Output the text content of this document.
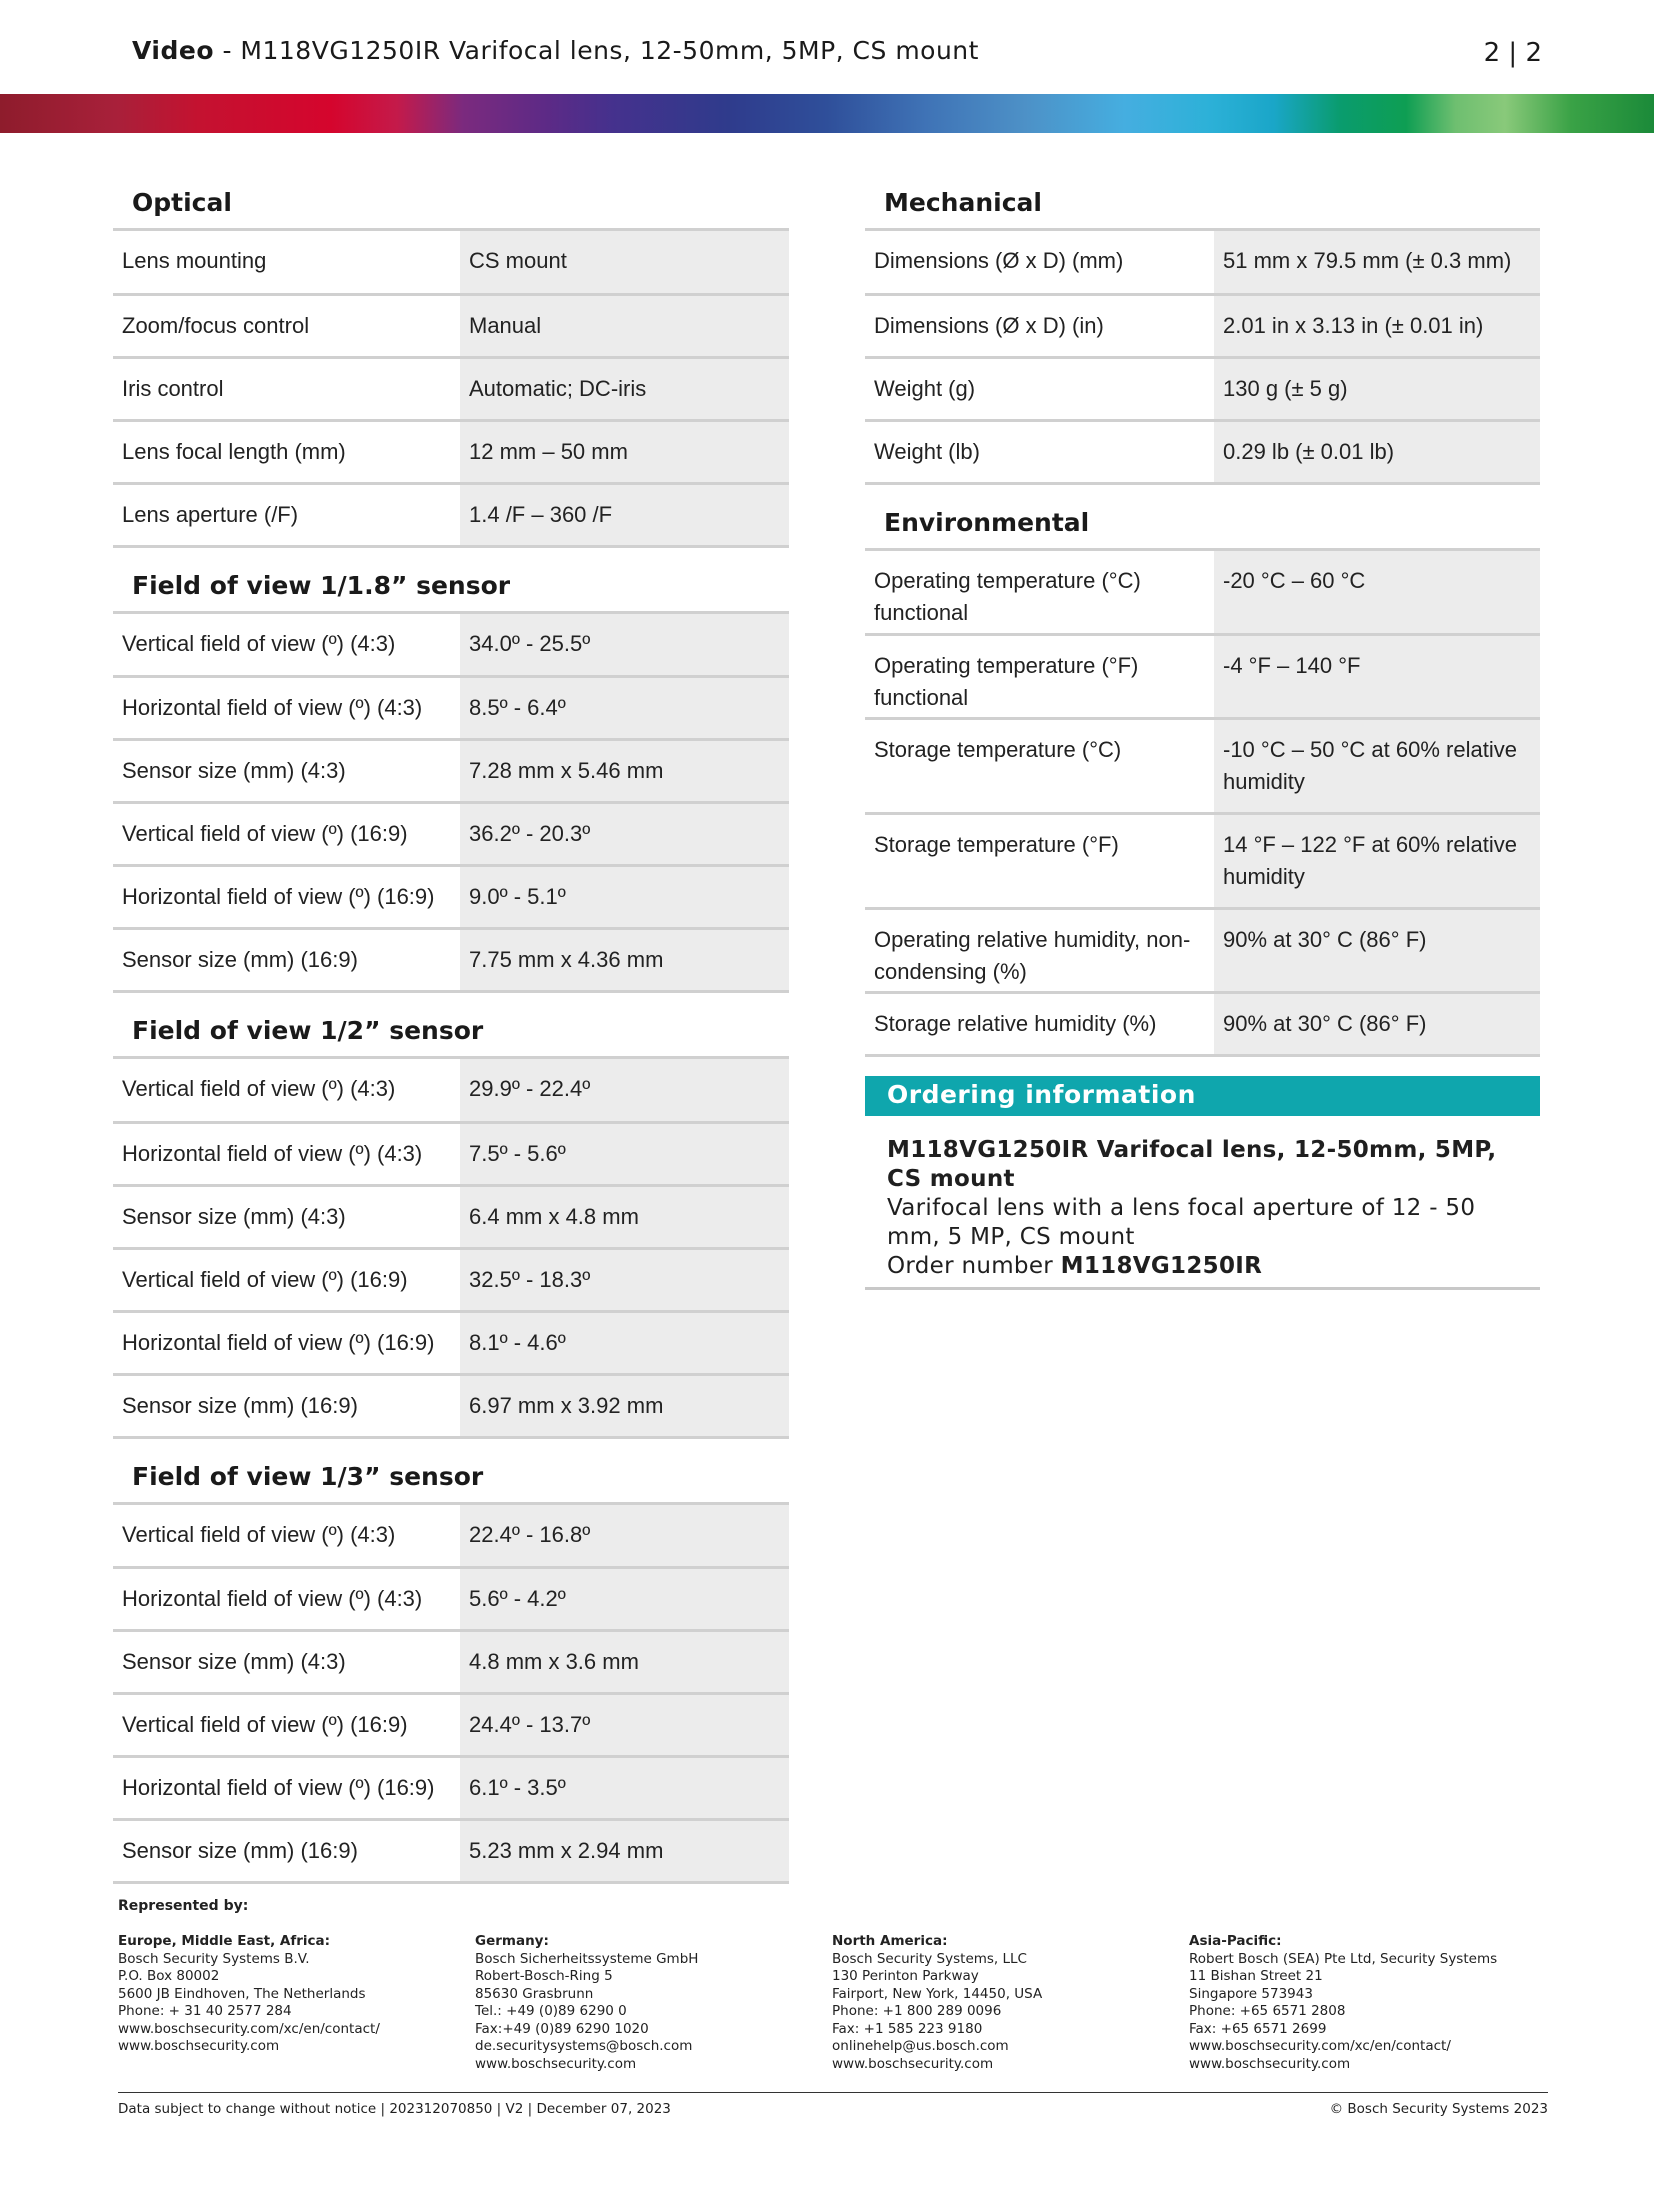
Video - M118VG1250IR Varifocal lens, 12-50mm, 5MP, CS mount	2 | 2
Optical
Lens mounting	CS mount
Zoom/focus control	Manual
Iris control	Automatic; DC-iris
Lens focal length (mm)	12 mm – 50 mm
Lens aperture (/F)	1.4 /F – 360 /F
Field of view 1/1.8” sensor
Vertical field of view (º) (4:3)	34.0º - 25.5º
Horizontal field of view (º) (4:3)	8.5º - 6.4º
Sensor size (mm) (4:3)	7.28 mm x 5.46 mm
Vertical field of view (º) (16:9)	36.2º - 20.3º
Horizontal field of view (º) (16:9)	9.0º - 5.1º
Sensor size (mm) (16:9)	7.75 mm x 4.36 mm
Field of view 1/2” sensor
Vertical field of view (º) (4:3)	29.9º - 22.4º
Horizontal field of view (º) (4:3)	7.5º - 5.6º
Sensor size (mm) (4:3)	6.4 mm x 4.8 mm
Vertical field of view (º) (16:9)	32.5º - 18.3º
Horizontal field of view (º) (16:9)	8.1º - 4.6º
Sensor size (mm) (16:9)	6.97 mm x 3.92 mm
Field of view 1/3” sensor
Vertical field of view (º) (4:3)	22.4º - 16.8º
Horizontal field of view (º) (4:3)	5.6º - 4.2º
Sensor size (mm) (4:3)	4.8 mm x 3.6 mm
Vertical field of view (º) (16:9)	24.4º - 13.7º
Horizontal field of view (º) (16:9)	6.1º - 3.5º
Sensor size (mm) (16:9)	5.23 mm x 2.94 mm
Mechanical
Dimensions (Ø x D) (mm)	51 mm x 79.5 mm (± 0.3 mm)
Dimensions (Ø x D) (in)	2.01 in x 3.13 in (± 0.01 in)
Weight (g)	130 g (± 5 g)
Weight (lb)	0.29 lb (± 0.01 lb)
Environmental
Operating temperature (°C) functional	-20 °C – 60 °C
Operating temperature (°F) functional	-4 °F – 140 °F
Storage temperature (°C)	-10 °C – 50 °C at 60% relative humidity
Storage temperature (°F)	14 °F – 122 °F at 60% relative humidity
Operating relative humidity, non-condensing (%)	90% at 30° C (86° F)
Storage relative humidity (%)	90% at 30° C (86° F)
Ordering information
M118VG1250IR Varifocal lens, 12-50mm, 5MP, CS mount
Varifocal lens with a lens focal aperture of 12 - 50 mm, 5 MP, CS mount
Order number M118VG1250IR
Represented by:
Europe, Middle East, Africa:
Bosch Security Systems B.V.
P.O. Box 80002
5600 JB Eindhoven, The Netherlands
Phone: + 31 40 2577 284
www.boschsecurity.com/xc/en/contact/
www.boschsecurity.com
Germany:
Bosch Sicherheitssysteme GmbH
Robert-Bosch-Ring 5
85630 Grasbrunn
Tel.: +49 (0)89 6290 0
Fax:+49 (0)89 6290 1020
de.securitysystems@bosch.com
www.boschsecurity.com
North America:
Bosch Security Systems, LLC
130 Perinton Parkway
Fairport, New York, 14450, USA
Phone: +1 800 289 0096
Fax: +1 585 223 9180
onlinehelp@us.bosch.com
www.boschsecurity.com
Asia-Pacific:
Robert Bosch (SEA) Pte Ltd, Security Systems
11 Bishan Street 21
Singapore 573943
Phone: +65 6571 2808
Fax: +65 6571 2699
www.boschsecurity.com/xc/en/contact/
www.boschsecurity.com
Data subject to change without notice | 202312070850 | V2 | December 07, 2023	© Bosch Security Systems 2023
